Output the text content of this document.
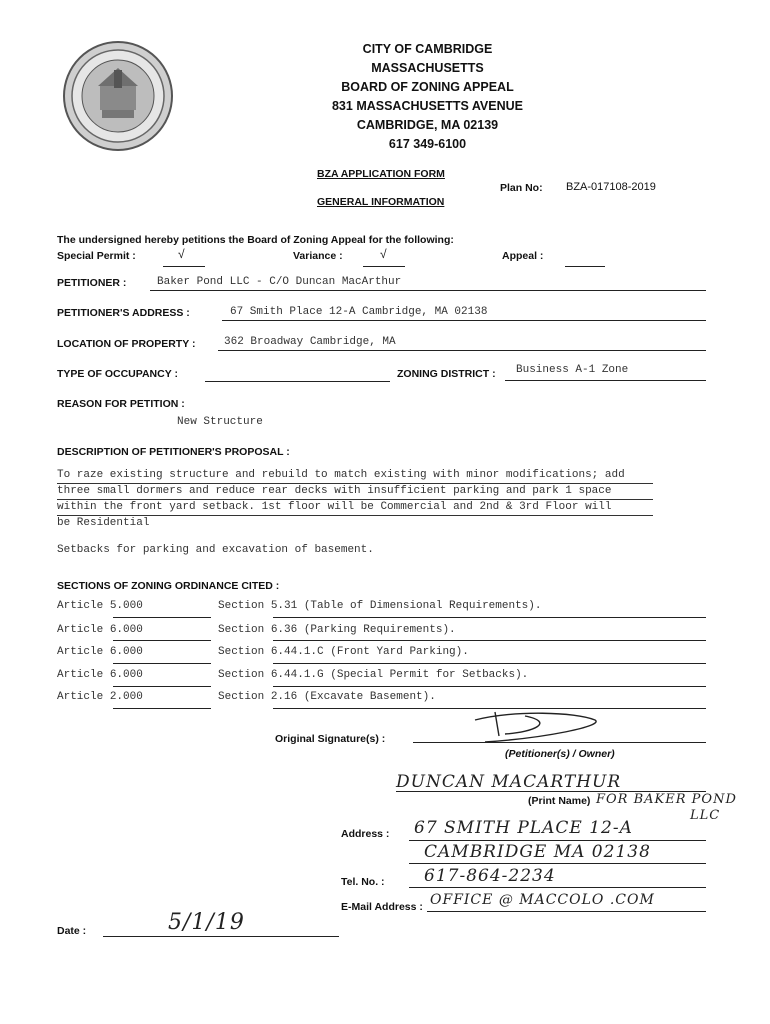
CITY OF CAMBRIDGE
MASSACHUSETTS
BOARD OF ZONING APPEAL
831 MASSACHUSETTS AVENUE
CAMBRIDGE, MA 02139
617 349-6100
BZA APPLICATION FORM
GENERAL INFORMATION
Plan No: BZA-017108-2019
The undersigned hereby petitions the Board of Zoning Appeal for the following:
Special Permit :	√	Variance :	√	Appeal :
PETITIONER :	Baker Pond LLC - C/O Duncan MacArthur
PETITIONER'S ADDRESS :	67 Smith Place 12-A Cambridge, MA 02138
LOCATION OF PROPERTY :	362 Broadway Cambridge, MA
TYPE OF OCCUPANCY :	ZONING DISTRICT : Business A-1 Zone
REASON FOR PETITION :
New Structure
DESCRIPTION OF PETITIONER'S PROPOSAL :
To raze existing structure and rebuild to match existing with minor modifications; add
three small dormers and reduce rear decks with insufficient parking and park 1 space
within the front yard setback. 1st floor will be Commercial and 2nd & 3rd Floor will
be Residential
Setbacks for parking and excavation of basement.
SECTIONS OF ZONING ORDINANCE CITED :
Article 5.000	Section 5.31 (Table of Dimensional Requirements).
Article 6.000	Section 6.36 (Parking Requirements).
Article 6.000	Section 6.44.1.C (Front Yard Parking).
Article 6.000	Section 6.44.1.G (Special Permit for Setbacks).
Article 2.000	Section 2.16 (Excavate Basement).
Original Signature(s) :
(Petitioner(s) / Owner)
DUNCAN MACARTHUR
(Print Name) FOR BAKER POND
LLC
Address : 67 SMITH PLACE 12-A
CAMBRIDGE MA 02138
Tel. No. : 617-864-2234
E-Mail Address : OFFICE @ MACCOLO .COM
Date :	5/1/19
